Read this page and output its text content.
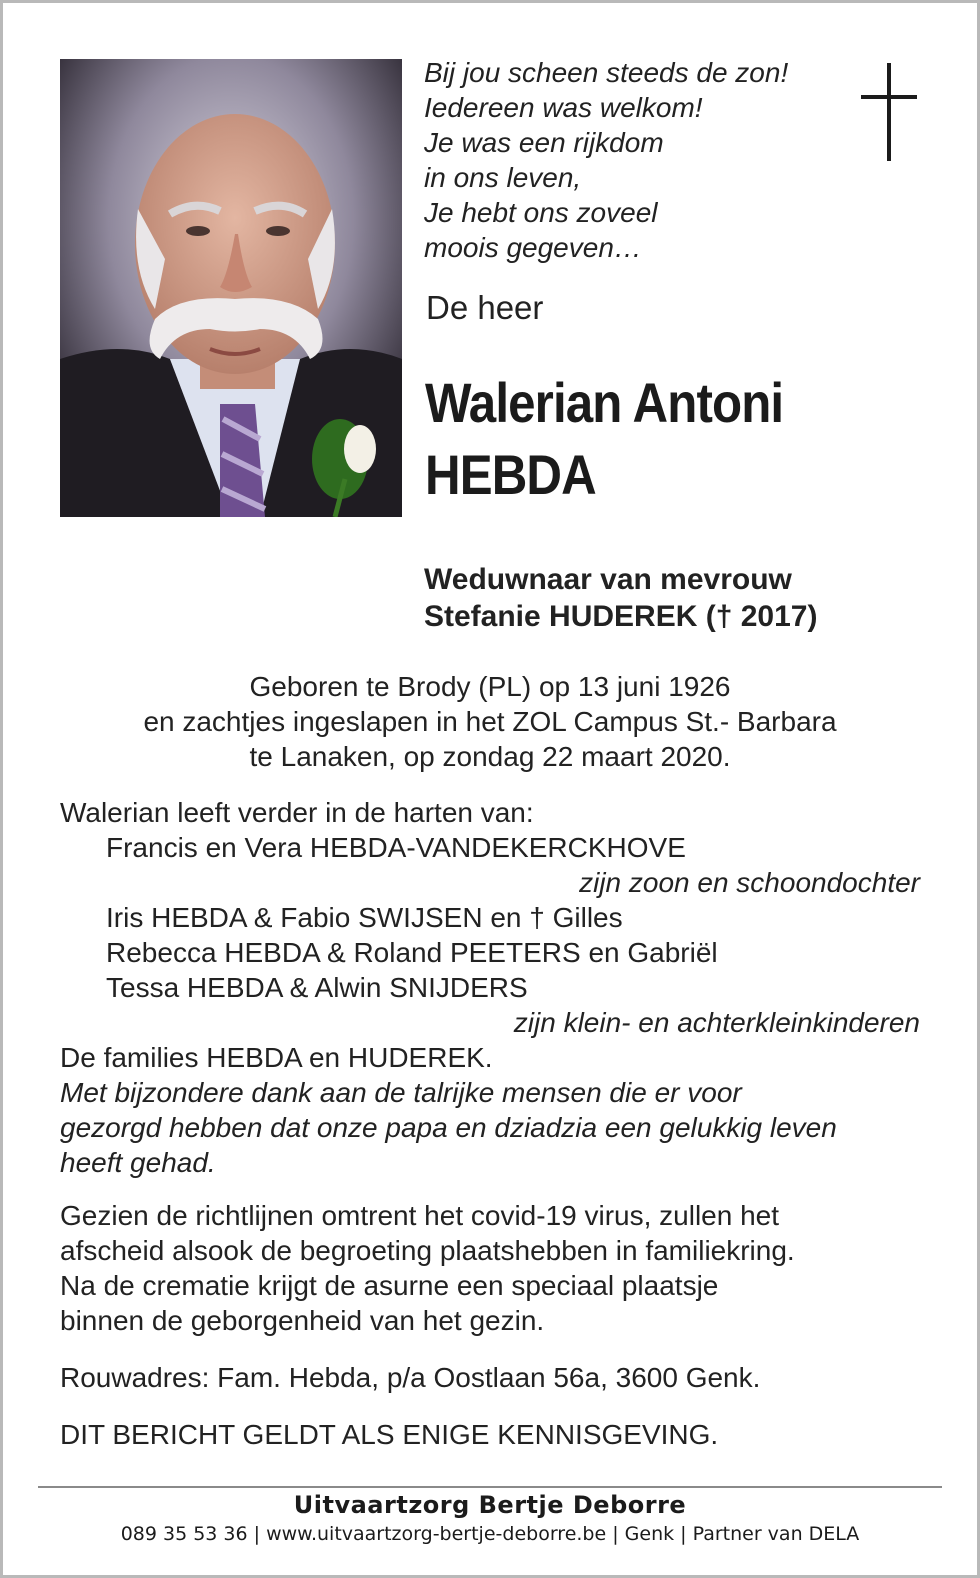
Bij jou scheen steeds de zon!
Iedereen was welkom!
Je was een rijkdom
in ons leven,
Je hebt ons zoveel
moois gegeven…
De heer
Walerian Antoni
HEBDA
Weduwnaar van mevrouw
Stefanie HUDEREK († 2017)
Geboren te Brody (PL) op 13 juni 1926
en zachtjes ingeslapen in het ZOL Campus St.- Barbara
te Lanaken, op zondag 22 maart 2020.
Walerian leeft verder in de harten van:
Francis en Vera HEBDA-VANDEKERCKHOVE
zijn zoon en schoondochter
Iris HEBDA & Fabio SWIJSEN en † Gilles
Rebecca HEBDA & Roland PEETERS en Gabriël
Tessa HEBDA & Alwin SNIJDERS
zijn klein- en achterkleinkinderen
De families HEBDA en HUDEREK.
Met bijzondere dank aan de talrijke mensen die er voor
gezorgd hebben dat onze papa en dziadzia een gelukkig leven
heeft gehad.
Gezien de richtlijnen omtrent het covid-19 virus, zullen het
afscheid alsook de begroeting plaatshebben in familiekring.
Na de crematie krijgt de asurne een speciaal plaatsje
binnen de geborgenheid van het gezin.
Rouwadres: Fam. Hebda, p/a Oostlaan 56a, 3600 Genk.
DIT BERICHT GELDT ALS ENIGE KENNISGEVING.
Uitvaartzorg Bertje Deborre
089 35 53 36 | www.uitvaartzorg-bertje-deborre.be | Genk | Partner van DELA
